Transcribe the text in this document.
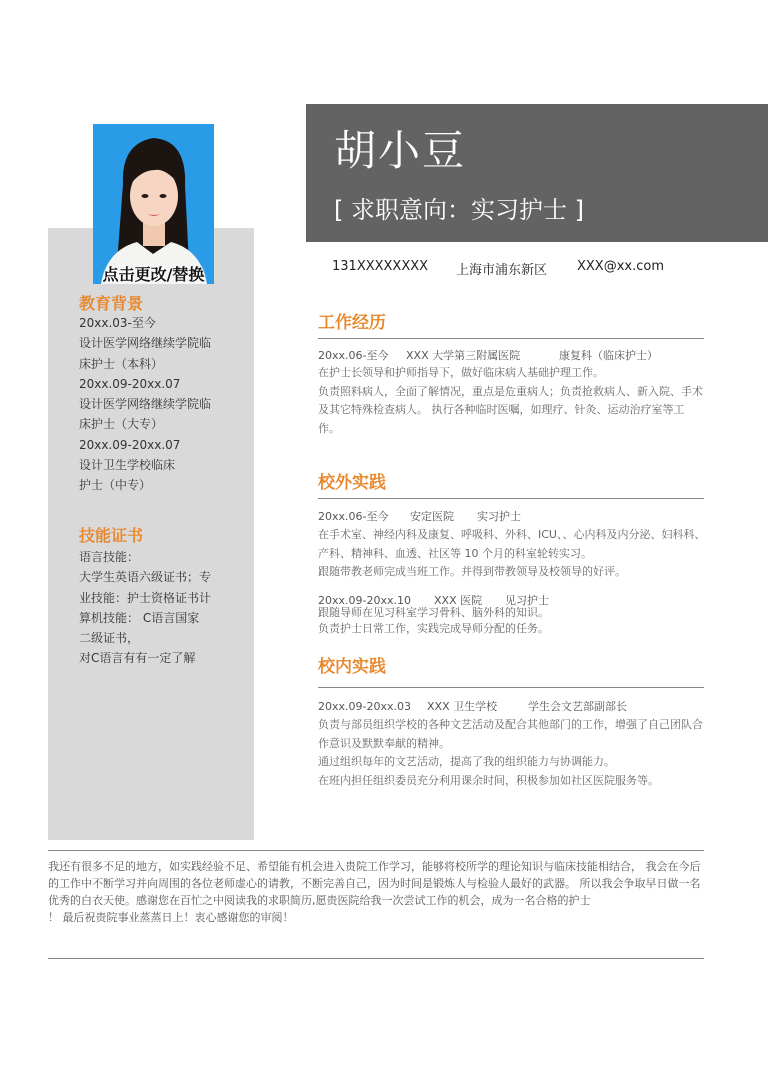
点击更改/替换
20xx.03-至今
设计医学网络继续学院临
床护士（本科）
20xx.09-20xx.07
设计医学网络继续学院临
床护士（大专）
20xx.09-20xx.07
设计卫生学校临床
护士（中专）
语言技能：
大学生英语六级证书；专
业技能：护士资格证书计
算机技能： C语言国家
二级证书，
对C语言有有一定了解
胡小豆
[ 求职意向：实习护士 ]
131XXXXXXXX 上海市浦东新区 XXX@xx.com
工作经历
20xx.06-至今 XXX 大学第三附属医院	康复科（临床护士）

在护士长领导和护师指导下，做好临床病人基础护理工作。

负责照料病人，全面了解情况，重点是危重病人；负责抢救病人、新入院、手术及其它特殊检查病人。 执行各种临时医嘱，如理疗、针灸、运动治疗室等工作。

校外实践
20xx.06-至今 安定医院 实习护士

在手术室、神经内科及康复、呼吸科、外科、ICU、、心内科及内分泌、妇科科、产科、精神科、血透、社区等 10 个月的科室轮转实习。

跟随带教老师完成当班工作。并得到带教领导及校领导的好评。

20xx.09-20xx.10 XXX 医院 见习护士

跟随导师在见习科室学习骨科、脑外科的知识。

负责护士日常工作，实践完成导师分配的任务。

校内实践
20xx.09-20xx.03 XXX 卫生学校	学生会文艺部副部长

负责与部员组织学校的各种文艺活动及配合其他部门的工作，增强了自己团队合作意识及默默奉献的精神。

通过组织每年的文艺活动，提高了我的组织能力与协调能力。

在班内担任组织委员充分利用课余时间，积极参加如社区医院服务等。

我还有很多不足的地方，如实践经验不足、希望能有机会进入贵院工作学习，能够将校所学的理论知识与临床技能相结合， 我会在今后的工作中不断学习并向周围的各位老师虚心的请教，不断完善自己，因为时间是锻炼人与检验人最好的武器。 所以我会争取早日做一名优秀的白衣天使。感谢您在百忙之中阅读我的求职简历,愿贵医院给我一次尝试工作的机会，成为一名合格的护士

！ 最后祝贵院事业蒸蒸日上！衷心感谢您的审阅！
